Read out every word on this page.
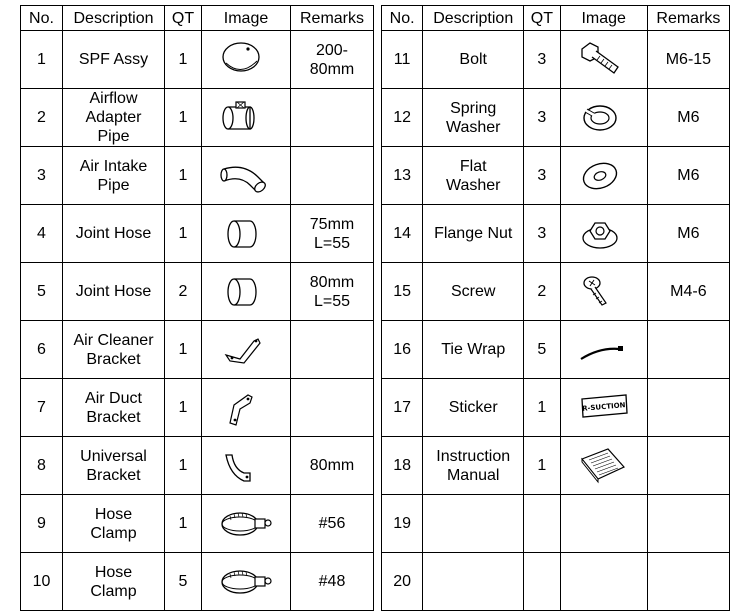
No.	Description	QT	Image	Remarks
1	SPF Assy	1		200-
80mm
2	Airflow
Adapter
Pipe	1	

3	Air Intake
Pipe	1	

4	Joint Hose	1		75mm
L=55
5	Joint Hose	2		80mm
L=55
6	Air Cleaner
Bracket	1	

7	Air Duct
Bracket	1	

8	Universal
Bracket	1		80mm
9	Hose
Clamp	1		#56
10	Hose
Clamp	5		#48
No.	Description	QT	Image	Remarks
11	Bolt	3		M6-15
12	Spring
Washer	3		M6
13	Flat
Washer	3		M6
14	Flange Nut	3		M6
15	Screw	2		M4-6
16	Tie Wrap	5	

17	Sticker	1	R-SUCTION	

18	Instruction
Manual	1	

19				
20				
